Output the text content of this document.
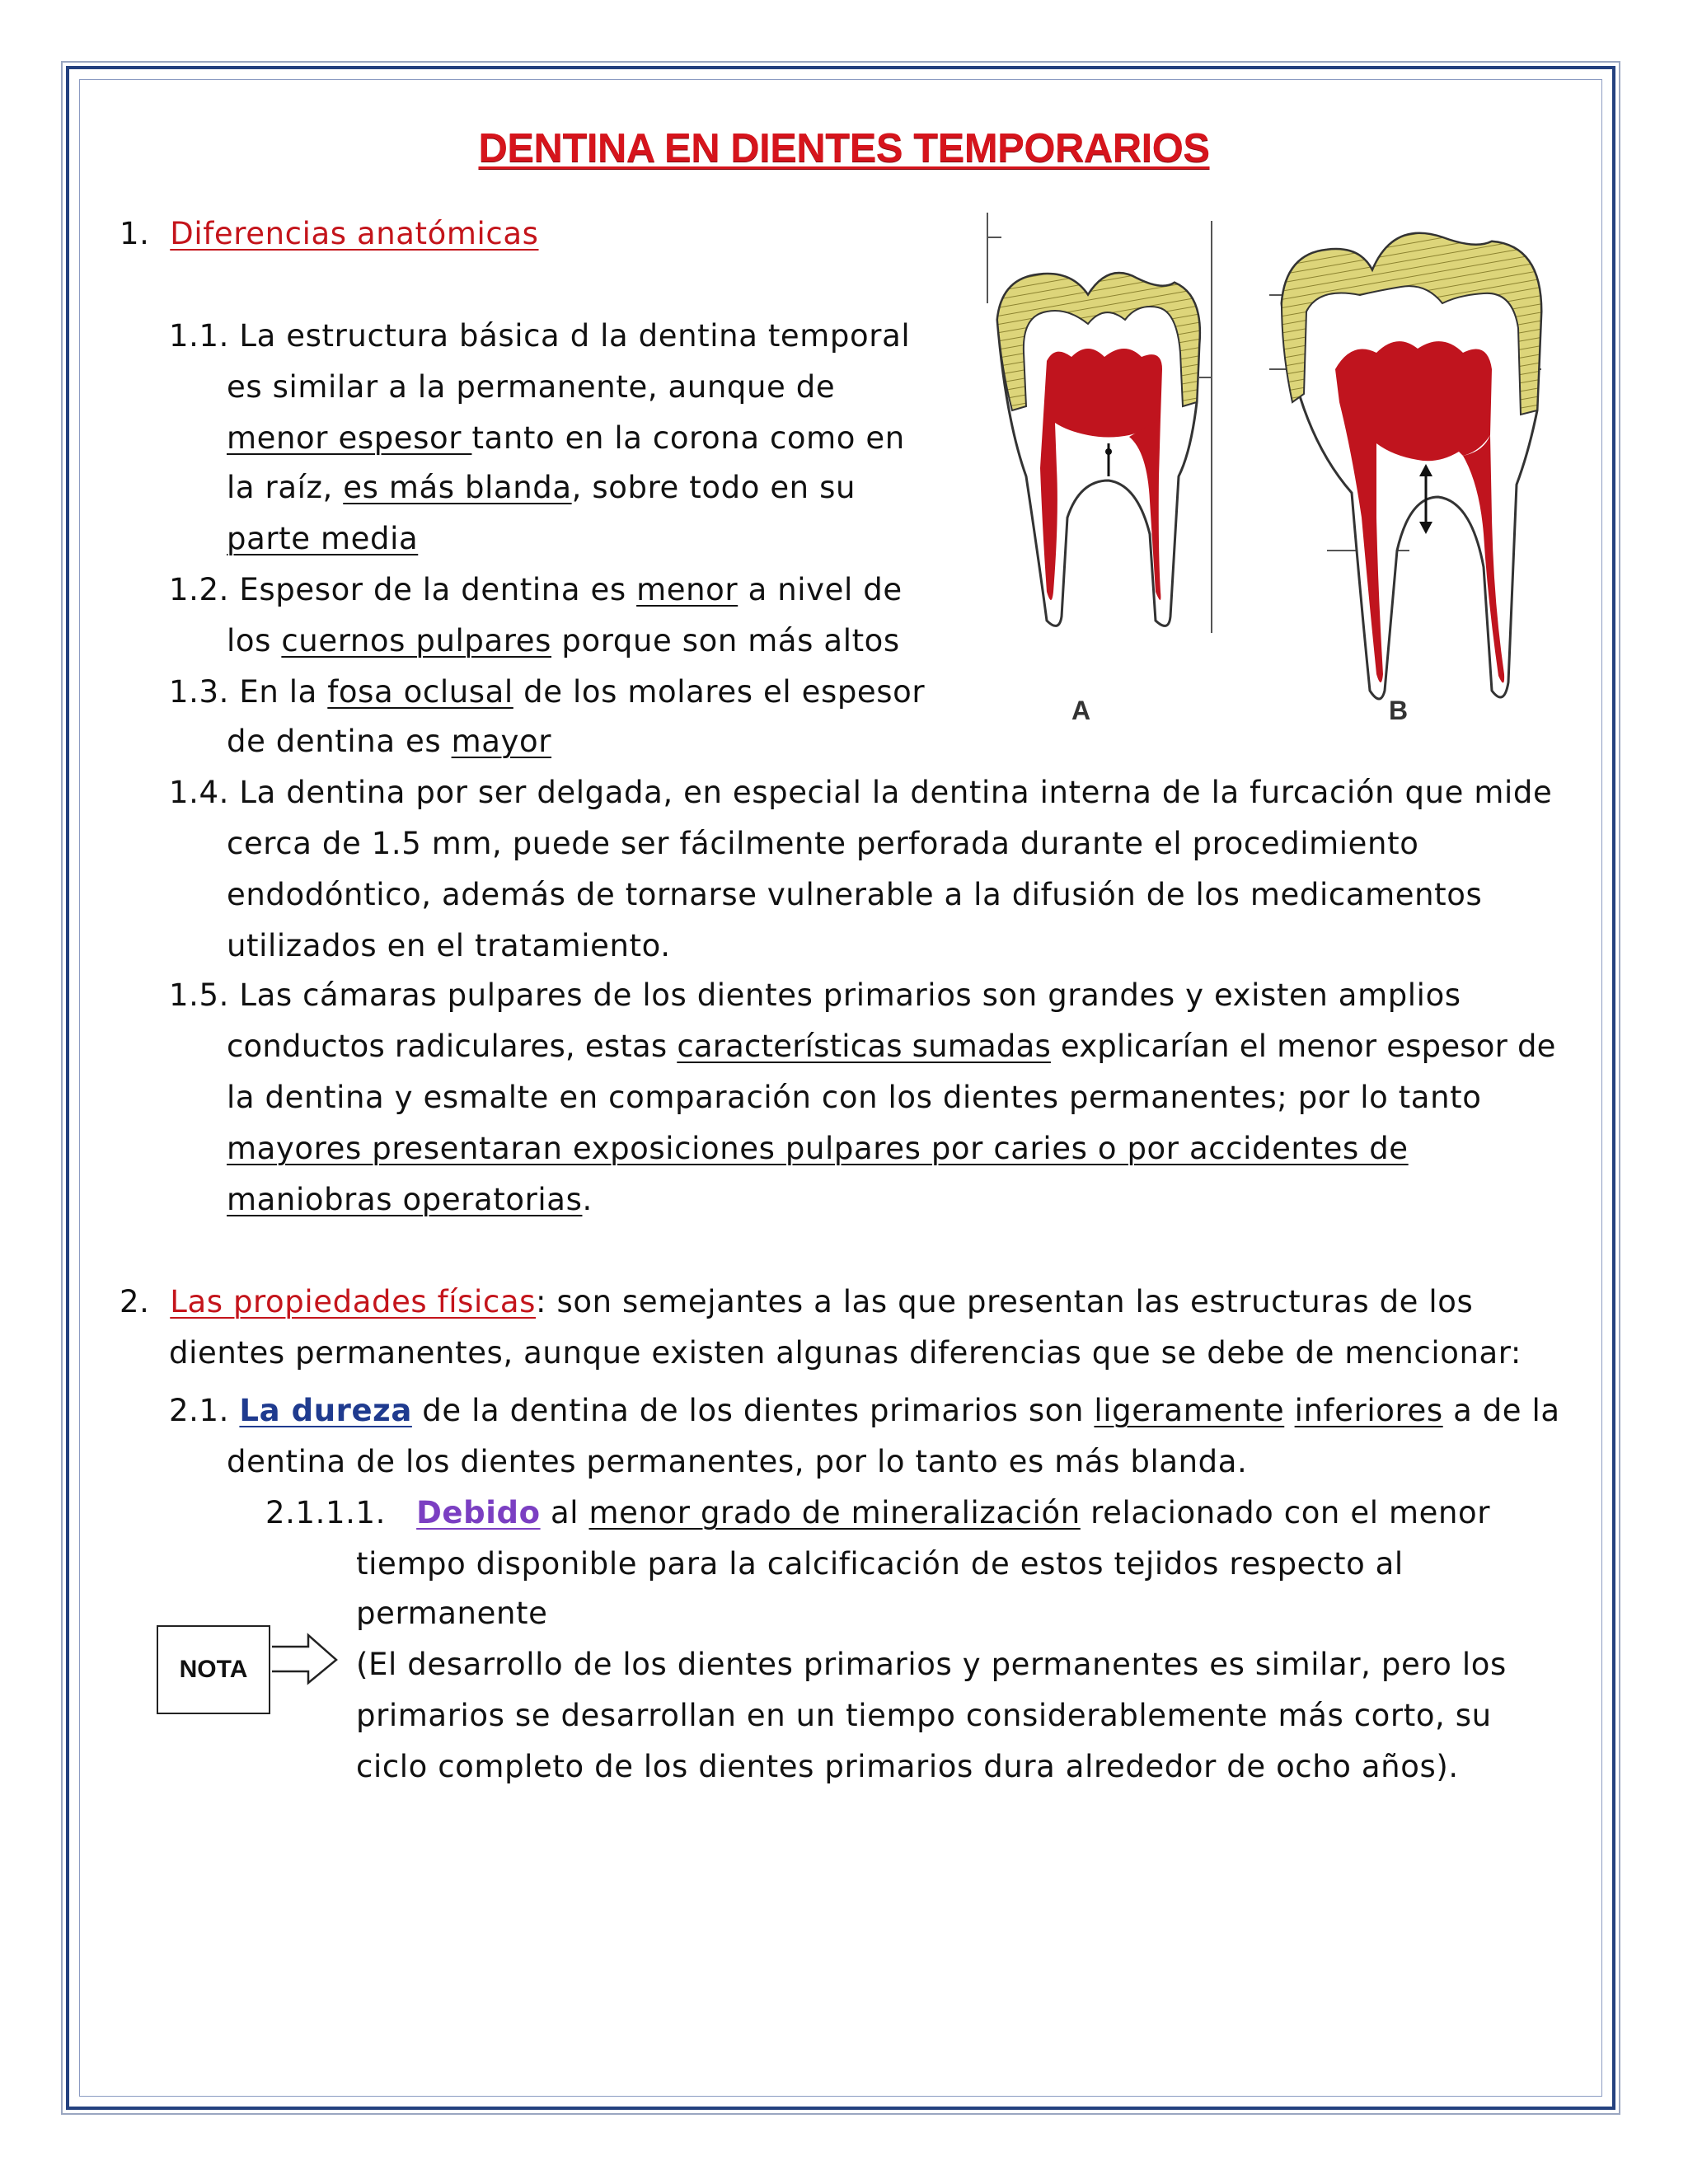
DENTINA EN DIENTES TEMPORARIOS
1. Diferencias anatómicas
1.1. La estructura básica d la dentina temporal
es similar a la permanente, aunque de
menor espesor tanto en la corona como en
la raíz, es más blanda, sobre todo en su
parte media
1.2. Espesor de la dentina es menor a nivel de
los cuernos pulpares porque son más altos
1.3. En la fosa oclusal de los molares el espesor
de dentina es mayor
1.4. La dentina por ser delgada, en especial la dentina interna de la furcación que mide
cerca de 1.5 mm, puede ser fácilmente perforada durante el procedimiento
endodóntico, además de tornarse vulnerable a la difusión de los medicamentos
utilizados en el tratamiento.
1.5. Las cámaras pulpares de los dientes primarios son grandes y existen amplios
conductos radiculares, estas características sumadas explicarían el menor espesor de
la dentina y esmalte en comparación con los dientes permanentes; por lo tanto
mayores presentaran exposiciones pulpares por caries o por accidentes de
maniobras operatorias.
2. Las propiedades físicas: son semejantes a las que presentan las estructuras de los
dientes permanentes, aunque existen algunas diferencias que se debe de mencionar:
2.1. La dureza de la dentina de los dientes primarios son ligeramente inferiores a de la
dentina de los dientes permanentes, por lo tanto es más blanda.
2.1.1.1. Debido al menor grado de mineralización relacionado con el menor
tiempo disponible para la calcificación de estos tejidos respecto al
permanente
NOTA	(El desarrollo de los dientes primarios y permanentes es similar, pero los
primarios se desarrollan en un tiempo considerablemente más corto, su
ciclo completo de los dientes primarios dura alrededor de ocho años).
A	B
